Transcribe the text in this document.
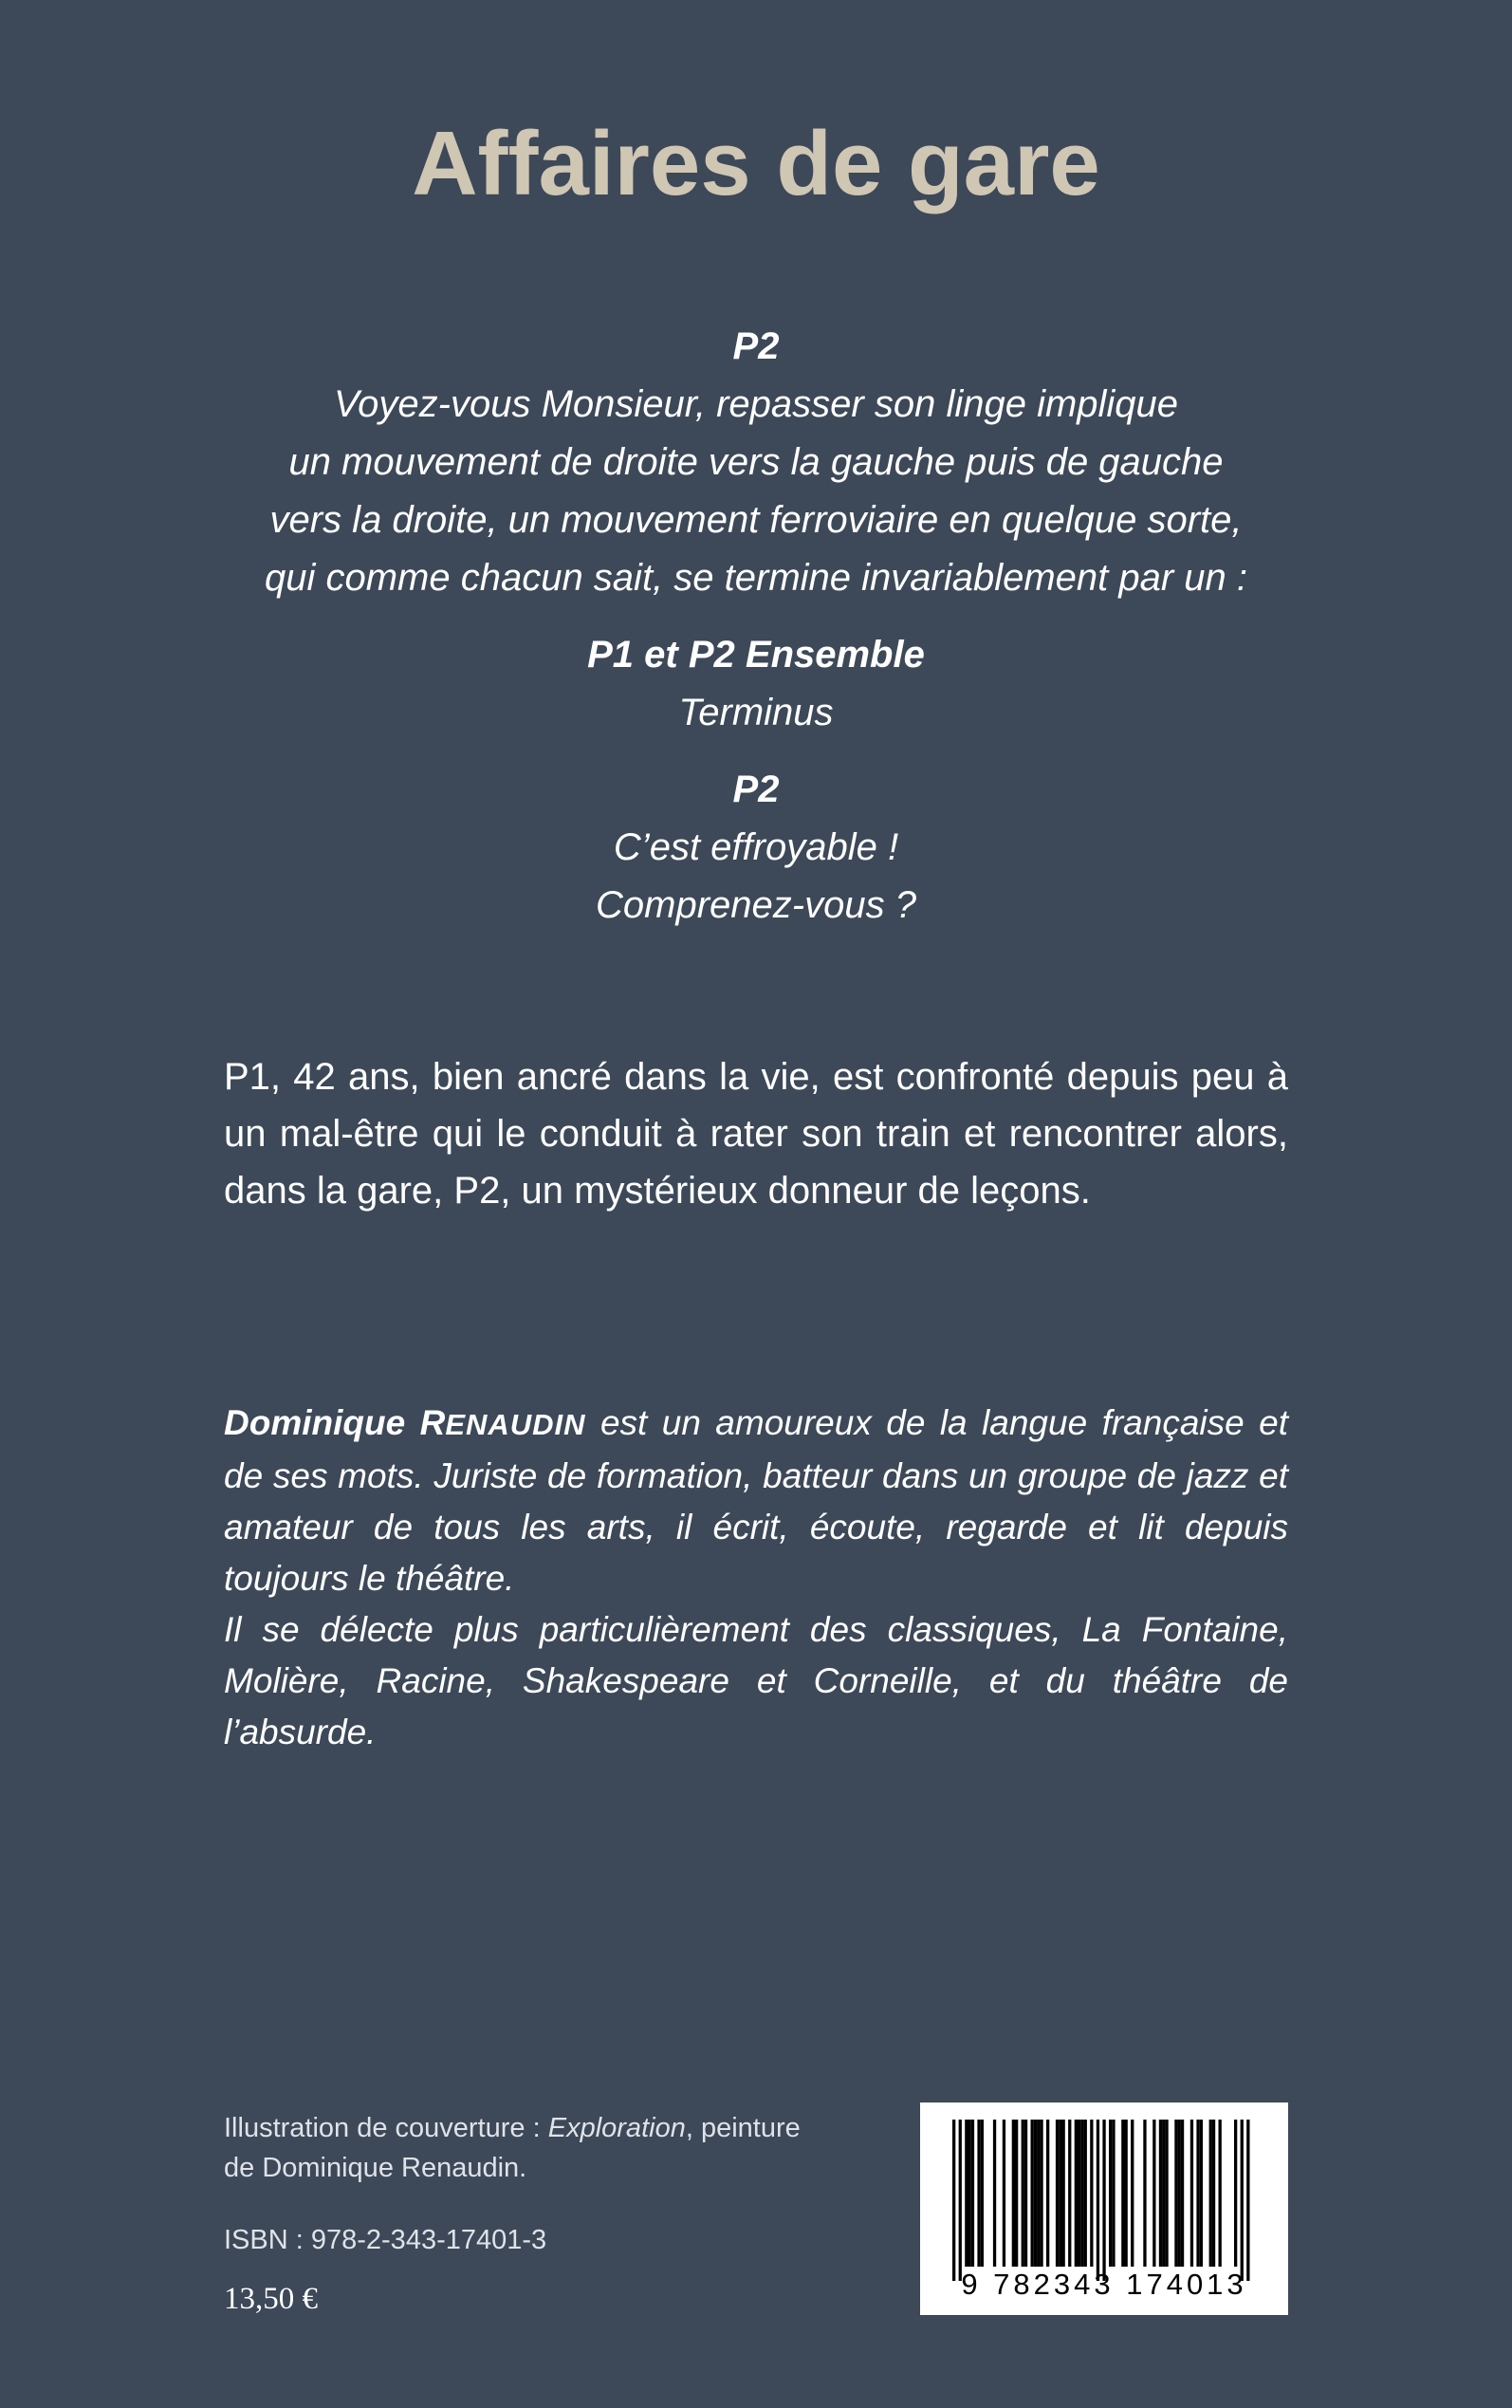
Affaires de gare
P2
Voyez-vous Monsieur, repasser son linge implique
un mouvement de droite vers la gauche puis de gauche
vers la droite, un mouvement ferroviaire en quelque sorte,
qui comme chacun sait, se termine invariablement par un :
P1 et P2 Ensemble
Terminus
P2
C’est effroyable !
Comprenez-vous ?

P1, 42 ans, bien ancré dans la vie, est confronté depuis peu à un mal-être qui le conduit à rater son train et rencontrer alors, dans la gare, P2, un mystérieux donneur de leçons.

Dominique RENAUDIN est un amoureux de la langue française et de ses mots. Juriste de formation, batteur dans un groupe de jazz et amateur de tous les arts, il écrit, écoute, regarde et lit depuis toujours le théâtre.
Il se délecte plus particulièrement des classiques, La Fontaine, Molière, Racine, Shakespeare et Corneille, et du théâtre de l’absurde.

Illustration de couverture : Exploration, peinture
de Dominique Renaudin.

ISBN : 978-2-343-17401-3

13,50 €	9 782343 174013
